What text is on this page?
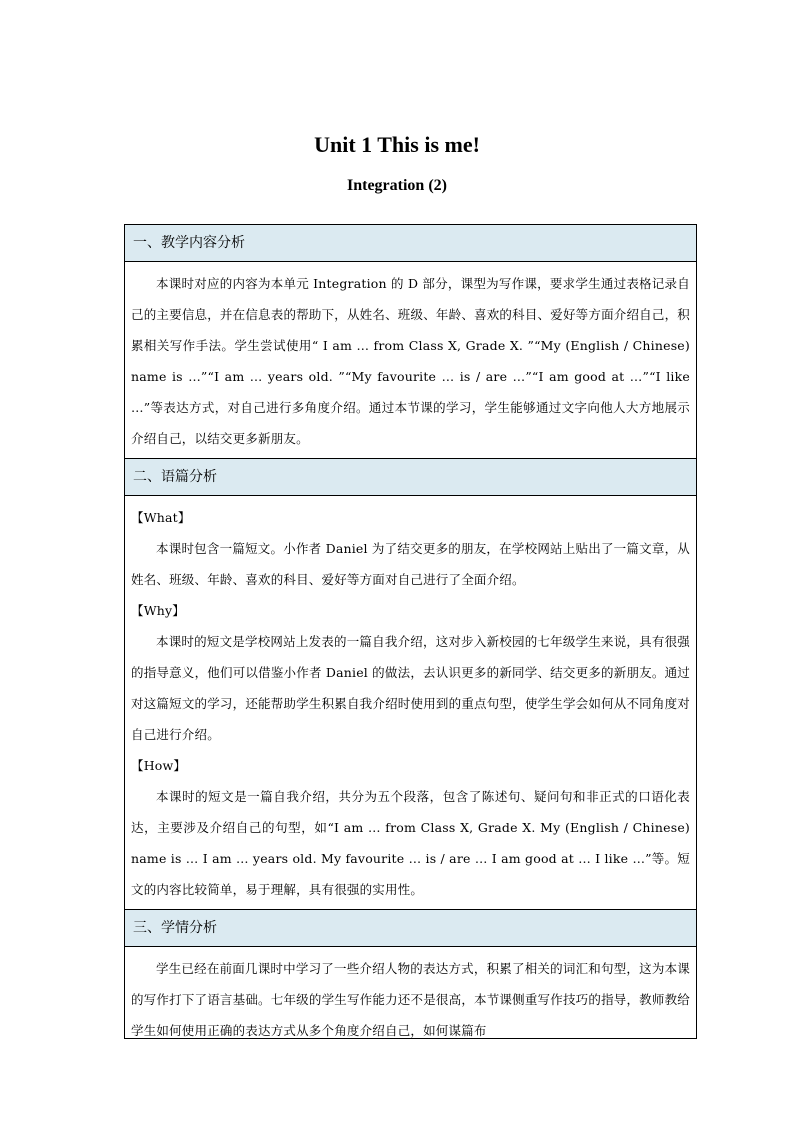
Unit 1 This is me!
Integration (2)
一、教学内容分析

本课时对应的内容为本单元 Integration 的 D 部分，课型为写作课，要求学生通过表格记录自己的主要信息，并在信息表的帮助下，从姓名、班级、年龄、喜欢的科目、爱好等方面介绍自己，积累相关写作手法。学生尝试使用“ I am … from Class X, Grade X. ”“My (English / Chinese) name is …”“I am … years old. ”“My favourite … is / are …”“I am good at …”“I like …”等表达方式，对自己进行多角度介绍。通过本节课的学习，学生能够通过文字向他人大方地展示介绍自己，以结交更多新朋友。

二、语篇分析

【What】

本课时包含一篇短文。小作者 Daniel 为了结交更多的朋友，在学校网站上贴出了一篇文章，从姓名、班级、年龄、喜欢的科目、爱好等方面对自己进行了全面介绍。

【Why】

本课时的短文是学校网站上发表的一篇自我介绍，这对步入新校园的七年级学生来说，具有很强的指导意义，他们可以借鉴小作者 Daniel 的做法，去认识更多的新同学、结交更多的新朋友。通过对这篇短文的学习，还能帮助学生积累自我介绍时使用到的重点句型，使学生学会如何从不同角度对自己进行介绍。

【How】

本课时的短文是一篇自我介绍，共分为五个段落，包含了陈述句、疑问句和非正式的口语化表达，主要涉及介绍自己的句型，如“I am … from Class X, Grade X. My (English / Chinese) name is … I am … years old. My favourite … is / are … I am good at … I like …”等。短文的内容比较简单，易于理解，具有很强的实用性。

三、学情分析

学生已经在前面几课时中学习了一些介绍人物的表达方式，积累了相关的词汇和句型，这为本课的写作打下了语言基础。七年级的学生写作能力还不是很高，本节课侧重写作技巧的指导，教师教给学生如何使用正确的表达方式从多个角度介绍自己，如何谋篇布
